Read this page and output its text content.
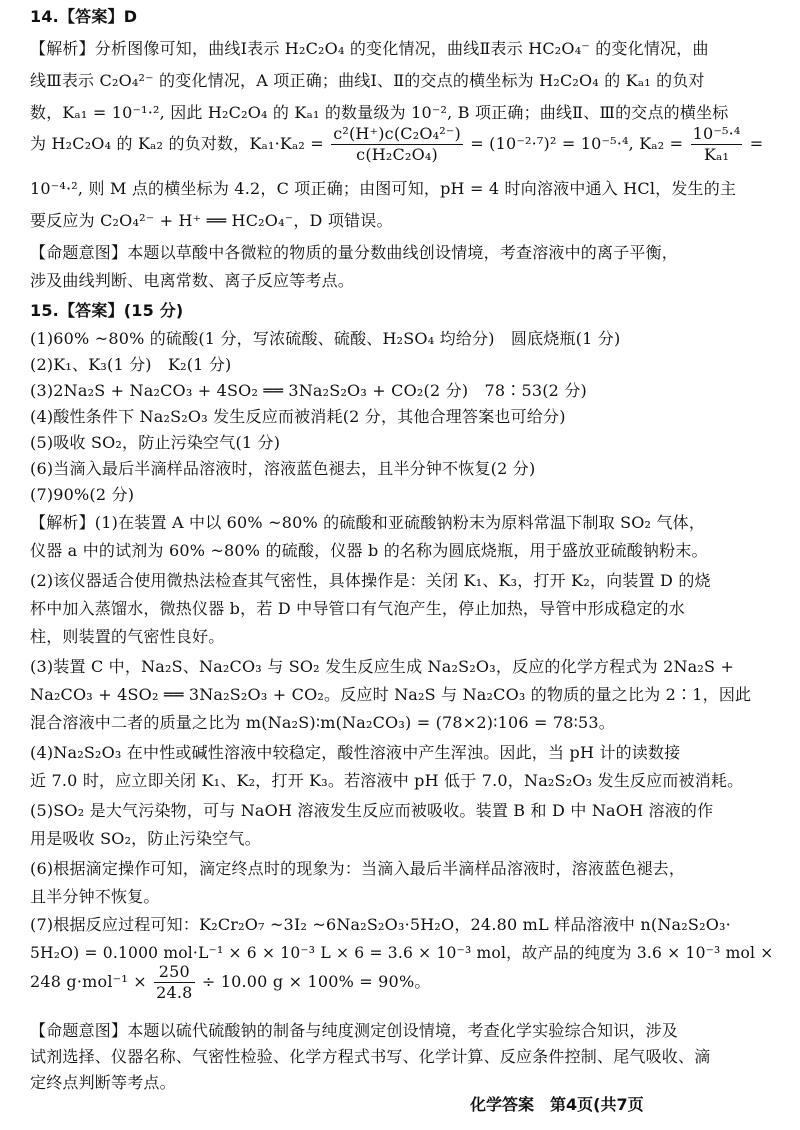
14.【答案】D
【解析】分析图像可知，曲线Ⅰ表示 H₂C₂O₄ 的变化情况，曲线Ⅱ表示 HC₂O₄⁻ 的变化情况，曲
线Ⅲ表示 C₂O₄²⁻ 的变化情况，A 项正确；曲线Ⅰ、Ⅱ的交点的横坐标为 H₂C₂O₄ 的 Kₐ₁ 的负对
数，Kₐ₁ = 10⁻¹·², 因此 H₂C₂O₄ 的 Kₐ₁ 的数量级为 10⁻², B 项正确；曲线Ⅱ、Ⅲ的交点的横坐标
为 H₂C₂O₄ 的 Kₐ₂ 的负对数，$K_{a1}\cdot K_{a2} = \frac{\text{c²(H⁺)c(C₂O₄²⁻)}}{\text{c(H₂C₂O₄)}} = (10^{-2}\cdot^7)^2 = 10^{-5}\cdot^4$, $K_{a2} = \frac{\text{10⁻⁵·⁴}}{\text{Kₐ₁}}$ =
10⁻⁴·², 则 M 点的横坐标为 4.2，C 项正确；由图可知，pH = 4 时向溶液中通入 HCl，发生的主
要反应为 C₂O₄²⁻ + H⁺ ══ HC₂O₄⁻，D 项错误。
【命题意图】本题以草酸中各微粒的物质的量分数曲线创设情境，考查溶液中的离子平衡，
涉及曲线判断、电离常数、离子反应等考点。
15.【答案】(15 分)
(1)60% ~80% 的硫酸(1 分，写浓硫酸、硫酸、H₂SO₄ 均给分)　圆底烧瓶(1 分)
(2)K₁、K₃(1 分)　K₂(1 分)
(3)2Na₂S + Na₂CO₃ + 4SO₂ ══ 3Na₂S₂O₃ + CO₂(2 分)　78∶53(2 分)
(4)酸性条件下 Na₂S₂O₃ 发生反应而被消耗(2 分，其他合理答案也可给分)
(5)吸收 SO₂，防止污染空气(1 分)
(6)当滴入最后半滴样品溶液时，溶液蓝色褪去，且半分钟不恢复(2 分)
(7)90%(2 分)
【解析】(1)在装置 A 中以 60% ~80% 的硫酸和亚硫酸钠粉末为原料常温下制取 SO₂ 气体，
仪器 a 中的试剂为 60% ~80% 的硫酸，仪器 b 的名称为圆底烧瓶，用于盛放亚硫酸钠粉末。
(2)该仪器适合使用微热法检查其气密性，具体操作是：关闭 K₁、K₃，打开 K₂，向装置 D 的烧
杯中加入蒸馏水，微热仪器 b，若 D 中导管口有气泡产生，停止加热，导管中形成稳定的水
柱，则装置的气密性良好。
(3)装置 C 中，Na₂S、Na₂CO₃ 与 SO₂ 发生反应生成 Na₂S₂O₃，反应的化学方程式为 2Na₂S +
Na₂CO₃ + 4SO₂ ══ 3Na₂S₂O₃ + CO₂。反应时 Na₂S 与 Na₂CO₃ 的物质的量之比为 2∶1，因此
混合溶液中二者的质量之比为 m(Na₂S)∶m(Na₂CO₃) = (78×2)∶106 = 78∶53。
(4)Na₂S₂O₃ 在中性或碱性溶液中较稳定，酸性溶液中产生浑浊。因此，当 pH 计的读数接
近 7.0 时，应立即关闭 K₁、K₂，打开 K₃。若溶液中 pH 低于 7.0，Na₂S₂O₃ 发生反应而被消耗。
(5)SO₂ 是大气污染物，可与 NaOH 溶液发生反应而被吸收。装置 B 和 D 中 NaOH 溶液的作
用是吸收 SO₂，防止污染空气。
(6)根据滴定操作可知，滴定终点时的现象为：当滴入最后半滴样品溶液时，溶液蓝色褪去，
且半分钟不恢复。
(7)根据反应过程可知：K₂Cr₂O₇ ~3I₂ ~6Na₂S₂O₃·5H₂O，24.80 mL 样品溶液中 n(Na₂S₂O₃·
5H₂O) = 0.1000 mol·L⁻¹ × 6 × 10⁻³ L × 6 = 3.6 × 10⁻³ mol，故产品的纯度为 3.6 × 10⁻³ mol ×
248 $g\cdot mol^{-1} \times \frac{250}{24.8} \div 10.00$ g × 100% = 90%。
【命题意图】本题以硫代硫酸钠的制备与纯度测定创设情境，考查化学实验综合知识，涉及
试剂选择、仪器名称、气密性检验、化学方程式书写、化学计算、反应条件控制、尾气吸收、滴
定终点判断等考点。
化学答案　第4页(共7页
